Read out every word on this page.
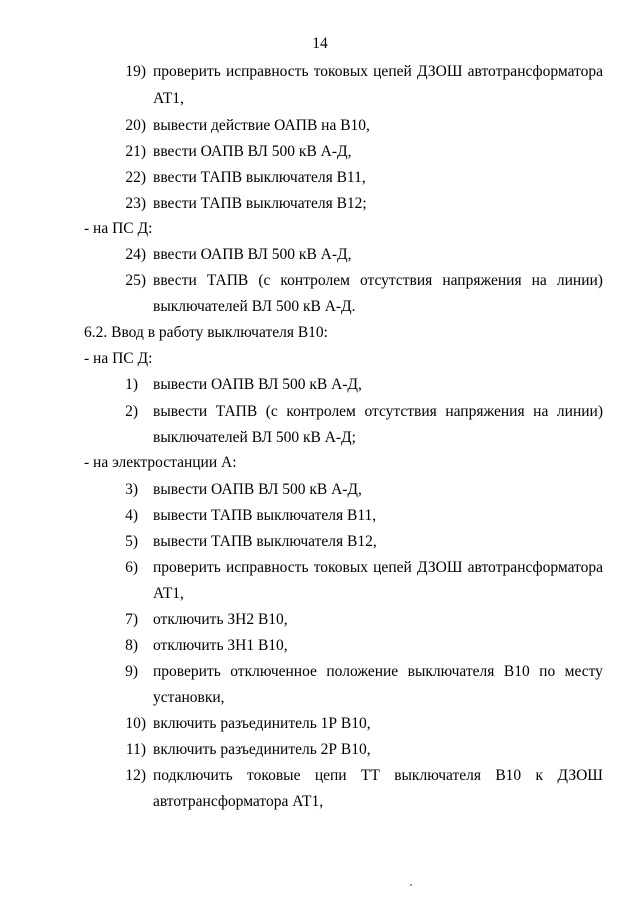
14
19) проверить исправность токовых цепей ДЗОШ автотрансформатора
АТ1,
20) вывести действие ОАПВ на В10,
21) ввести ОАПВ ВЛ 500 кВ А-Д,
22) ввести ТАПВ выключателя В11,
23) ввести ТАПВ выключателя В12;
- на ПС Д:
24) ввести ОАПВ ВЛ 500 кВ А-Д,
25) ввести ТАПВ (с контролем отсутствия напряжения на линии)
выключателей ВЛ 500 кВ А-Д.
6.2. Ввод в работу выключателя В10:
- на ПС Д:
1) вывести ОАПВ ВЛ 500 кВ А-Д,
2) вывести ТАПВ (с контролем отсутствия напряжения на линии)
выключателей ВЛ 500 кВ А-Д;
- на электростанции А:
3) вывести ОАПВ ВЛ 500 кВ А-Д,
4) вывести ТАПВ выключателя В11,
5) вывести ТАПВ выключателя В12,
6) проверить исправность токовых цепей ДЗОШ автотрансформатора
АТ1,
7) отключить ЗН2 В10,
8) отключить ЗН1 В10,
9) проверить отключенное положение выключателя В10 по месту
установки,
10) включить разъединитель 1Р В10,
11) включить разъединитель 2Р В10,
12) подключить токовые цепи ТТ выключателя В10 к ДЗОШ
автотрансформатора АТ1,
